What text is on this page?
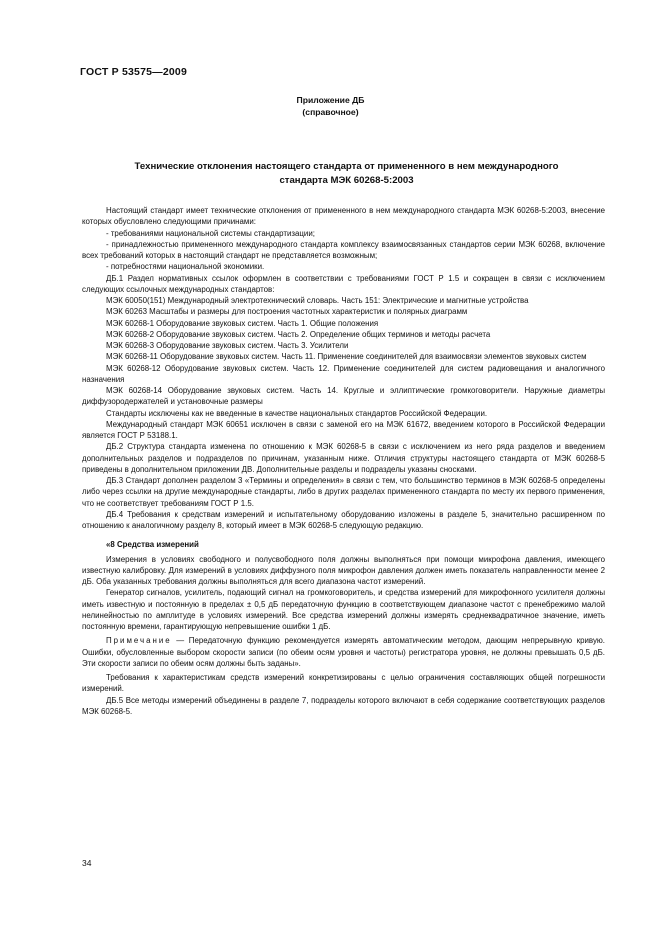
ГОСТ Р 53575—2009
Приложение ДБ
(справочное)
Технические отклонения настоящего стандарта от примененного в нем международного
стандарта МЭК 60268-5:2003

Настоящий стандарт имеет технические отклонения от примененного в нем международного стандарта МЭК 60268-5:2003, внесение которых обусловлено следующими причинами:

- требованиями национальной системы стандартизации;

- принадлежностью примененного международного стандарта комплексу взаимосвязанных стандартов серии МЭК 60268, включение всех требований которых в настоящий стандарт не представляется возможным;

- потребностями национальной экономики.

ДБ.1 Раздел нормативных ссылок оформлен в соответствии с требованиями ГОСТ Р 1.5 и сокращен в связи с исключением следующих ссылочных международных стандартов:

МЭК 60050(151) Международный электротехнический словарь. Часть 151: Электрические и магнитные устройства

МЭК 60263 Масштабы и размеры для построения частотных характеристик и полярных диаграмм

МЭК 60268-1 Оборудование звуковых систем. Часть 1. Общие положения

МЭК 60268-2 Оборудование звуковых систем. Часть 2. Определение общих терминов и методы расчета

МЭК 60268-3 Оборудование звуковых систем. Часть 3. Усилители

МЭК 60268-11 Оборудование звуковых систем. Часть 11. Применение соединителей для взаимосвязи элементов звуковых систем

МЭК 60268-12 Оборудование звуковых систем. Часть 12. Применение соединителей для систем радиовещания и аналогичного назначения

МЭК 60268-14 Оборудование звуковых систем. Часть 14. Круглые и эллиптические громкоговорители. Наружные диаметры диффузородержателей и установочные размеры

Стандарты исключены как не введенные в качестве национальных стандартов Российской Федерации.

Международный стандарт МЭК 60651 исключен в связи с заменой его на МЭК 61672, введением которого в Российской Федерации является ГОСТ Р 53188.1.

ДБ.2 Структура стандарта изменена по отношению к МЭК 60268-5 в связи с исключением из него ряда разделов и введением дополнительных разделов и подразделов по причинам, указанным ниже. Отличия структуры настоящего стандарта от МЭК 60268-5 приведены в дополнительном приложении ДВ. Дополнительные разделы и подразделы указаны сносками.

ДБ.3 Стандарт дополнен разделом 3 «Термины и определения» в связи с тем, что большинство терминов в МЭК 60268-5 определены либо через ссылки на другие международные стандарты, либо в других разделах примененного стандарта по месту их первого применения, что не соответствует требованиям ГОСТ Р 1.5.

ДБ.4 Требования к средствам измерений и испытательному оборудованию изложены в разделе 5, значительно расширенном по отношению к аналогичному разделу 8, который имеет в МЭК 60268-5 следующую редакцию.

«8 Средства измерений

Измерения в условиях свободного и полусвободного поля должны выполняться при помощи микрофона давления, имеющего известную калибровку. Для измерений в условиях диффузного поля микрофон давления должен иметь показатель направленности менее 2 дБ. Оба указанных требования должны выполняться для всего диапазона частот измерений.

Генератор сигналов, усилитель, подающий сигнал на громкоговоритель, и средства измерений для микрофонного усилителя должны иметь известную и постоянную в пределах ± 0,5 дБ передаточную функцию в соответствующем диапазоне частот с пренебрежимо малой нелинейностью по амплитуде в условиях измерений. Все средства измерений должны измерять среднеквадратичное значение, иметь постоянную времени, гарантирующую непревышение ошибки 1 дБ.

Примечание — Передаточную функцию рекомендуется измерять автоматическим методом, дающим непрерывную кривую. Ошибки, обусловленные выбором скорости записи (по обеим осям уровня и частоты) регистратора уровня, не должны превышать 0,5 дБ. Эти скорости записи по обеим осям должны быть заданы».

Требования к характеристикам средств измерений конкретизированы с целью ограничения составляющих общей погрешности измерений.

ДБ.5 Все методы измерений объединены в разделе 7, подразделы которого включают в себя содержание соответствующих разделов МЭК 60268-5.

34
